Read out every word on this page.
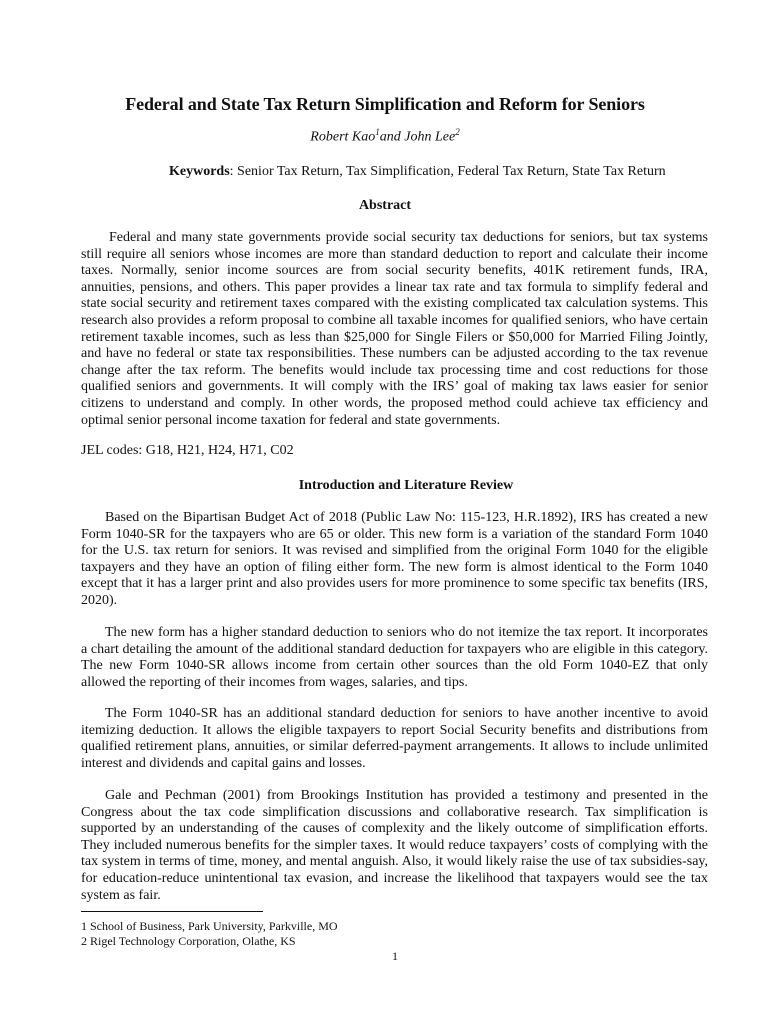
Federal and State Tax Return Simplification and Reform for Seniors
Robert Kao$^1$and John Lee$^2$
Keywords: Senior Tax Return, Tax Simplification, Federal Tax Return, State Tax Return
Abstract

Federal and many state governments provide social security tax deductions for seniors, but tax systems still require all seniors whose incomes are more than standard deduction to report and calculate their income taxes. Normally, senior income sources are from social security benefits, 401K retirement funds, IRA, annuities, pensions, and others. This paper provides a linear tax rate and tax formula to simplify federal and state social security and retirement taxes compared with the existing complicated tax calculation systems. This research also provides a reform proposal to combine all taxable incomes for qualified seniors, who have certain retirement taxable incomes, such as less than $25,000 for Single Filers or $50,000 for Married Filing Jointly, and have no federal or state tax responsibilities. These numbers can be adjusted according to the tax revenue change after the tax reform. The benefits would include tax processing time and cost reductions for those qualified seniors and governments. It will comply with the IRS’ goal of making tax laws easier for senior citizens to understand and comply. In other words, the proposed method could achieve tax efficiency and optimal senior personal income taxation for federal and state governments.

JEL codes: G18, H21, H24, H71, C02
Introduction and Literature Review

Based on the Bipartisan Budget Act of 2018 (Public Law No: 115-123, H.R.1892), IRS has created a new Form 1040-SR for the taxpayers who are 65 or older. This new form is a variation of the standard Form 1040 for the U.S. tax return for seniors. It was revised and simplified from the original Form 1040 for the eligible taxpayers and they have an option of filing either form. The new form is almost identical to the Form 1040 except that it has a larger print and also provides users for more prominence to some specific tax benefits (IRS, 2020).

The new form has a higher standard deduction to seniors who do not itemize the tax report. It incorporates a chart detailing the amount of the additional standard deduction for taxpayers who are eligible in this category. The new Form 1040-SR allows income from certain other sources than the old Form 1040-EZ that only allowed the reporting of their incomes from wages, salaries, and tips.

The Form 1040-SR has an additional standard deduction for seniors to have another incentive to avoid itemizing deduction. It allows the eligible taxpayers to report Social Security benefits and distributions from qualified retirement plans, annuities, or similar deferred-payment arrangements. It allows to include unlimited interest and dividends and capital gains and losses.

Gale and Pechman (2001) from Brookings Institution has provided a testimony and presented in the Congress about the tax code simplification discussions and collaborative research. Tax simplification is supported by an understanding of the causes of complexity and the likely outcome of simplification efforts. They included numerous benefits for the simpler taxes. It would reduce taxpayers’ costs of complying with the tax system in terms of time, money, and mental anguish. Also, it would likely raise the use of tax subsidies-say, for education-reduce unintentional tax evasion, and increase the likelihood that taxpayers would see the tax system as fair.

1 School of Business, Park University, Parkville, MO
2 Rigel Technology Corporation, Olathe, KS
1
